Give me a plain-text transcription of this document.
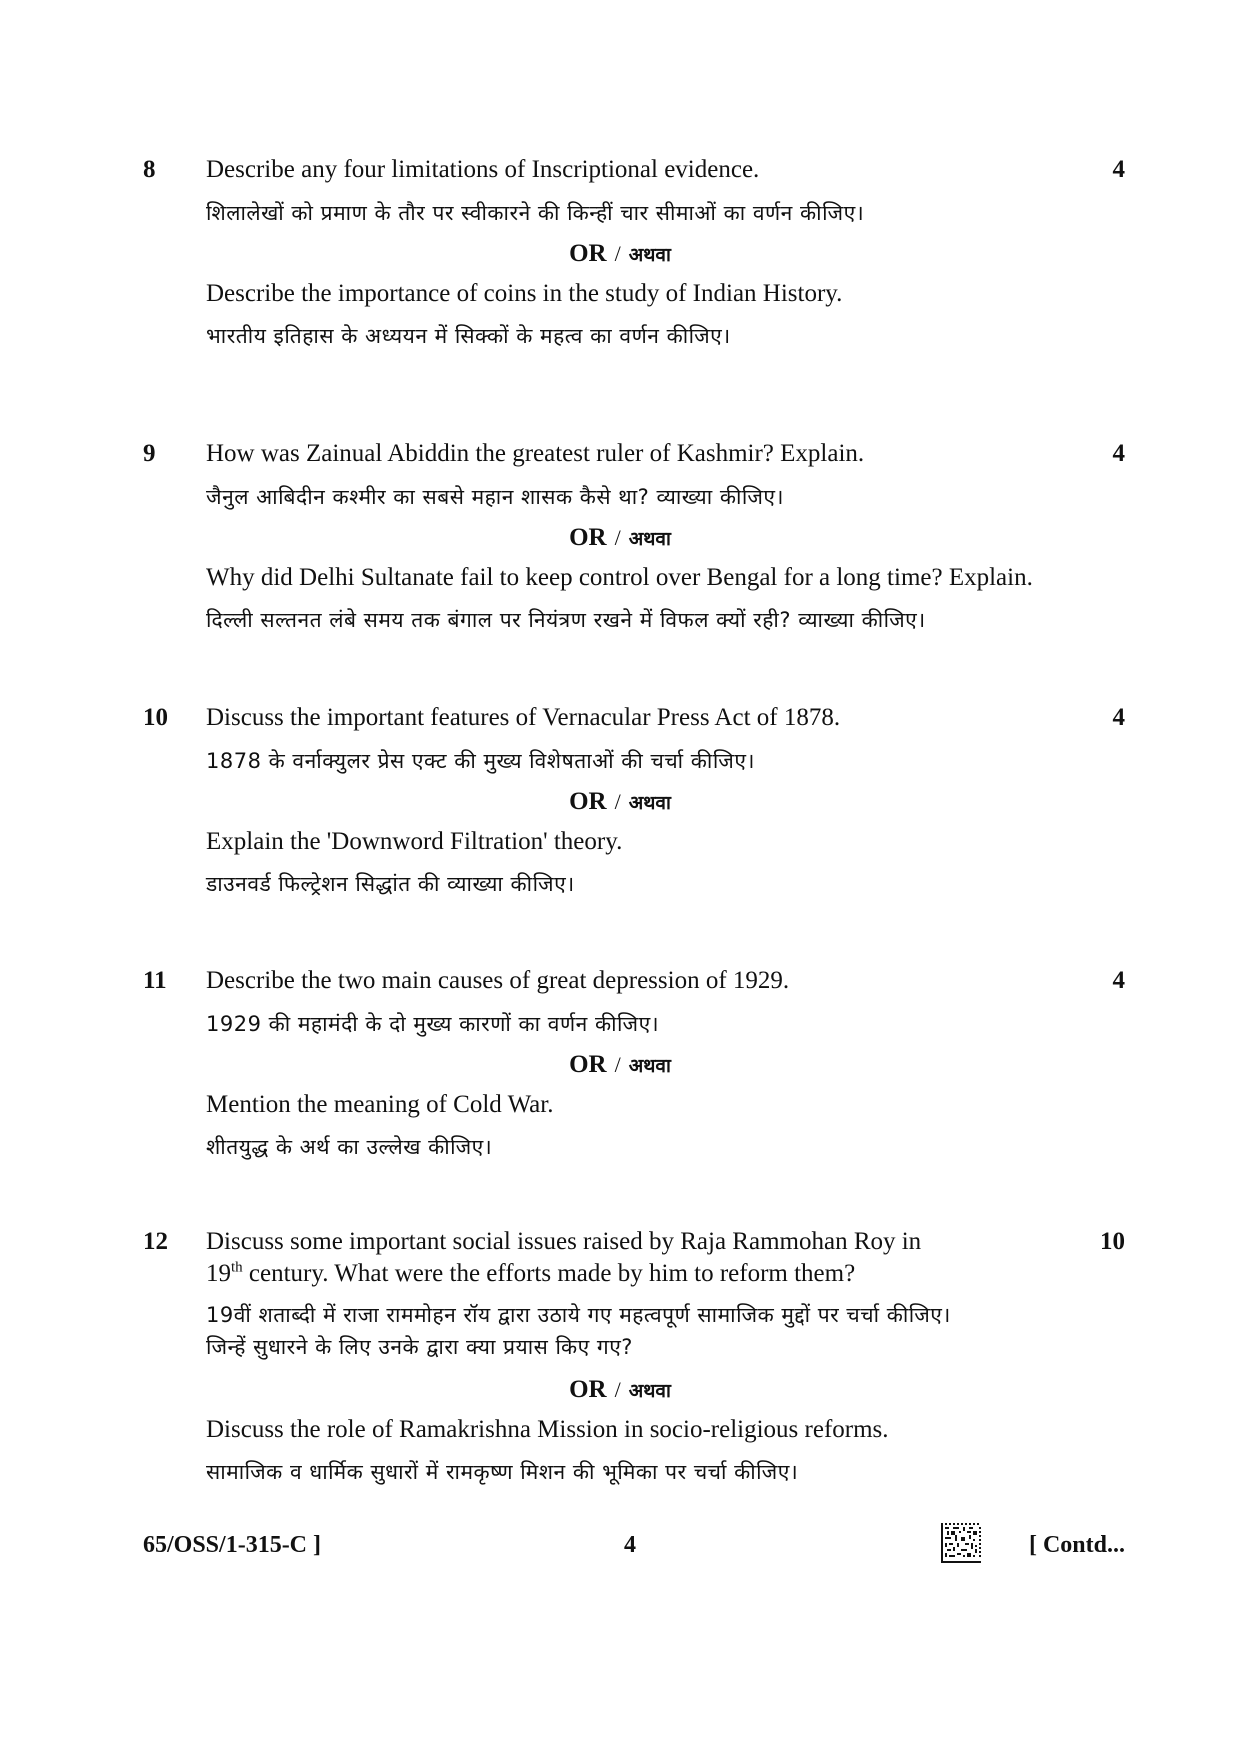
8	4
Describe any four limitations of Inscriptional evidence.
शिलालेखों को प्रमाण के तौर पर स्वीकारने की किन्हीं चार सीमाओं का वर्णन कीजिए।
OR / अथवा
Describe the importance of coins in the study of Indian History.
भारतीय इतिहास के अध्ययन में सिक्कों के महत्व का वर्णन कीजिए।
9	4
How was Zainual Abiddin the greatest ruler of Kashmir? Explain.
जैनुल आबिदीन कश्मीर का सबसे महान शासक कैसे था? व्याख्या कीजिए।
OR / अथवा
Why did Delhi Sultanate fail to keep control over Bengal for a long time? Explain.
दिल्ली सल्तनत लंबे समय तक बंगाल पर नियंत्रण रखने में विफल क्यों रही? व्याख्या कीजिए।
10	4
Discuss the important features of Vernacular Press Act of 1878.
1878 के वर्नाक्युलर प्रेस एक्ट की मुख्य विशेषताओं की चर्चा कीजिए।
OR / अथवा
Explain the 'Downword Filtration' theory.
डाउनवर्ड फिल्ट्रेशन सिद्धांत की व्याख्या कीजिए।
11	4
Describe the two main causes of great depression of 1929.
1929 की महामंदी के दो मुख्य कारणों का वर्णन कीजिए।
OR / अथवा
Mention the meaning of Cold War.
शीतयुद्ध के अर्थ का उल्लेख कीजिए।
12	10
Discuss some important social issues raised by Raja Rammohan Roy in
19th century. What were the efforts made by him to reform them?
19वीं शताब्दी में राजा राममोहन रॉय द्वारा उठाये गए महत्वपूर्ण सामाजिक मुद्दों पर चर्चा कीजिए।
जिन्हें सुधारने के लिए उनके द्वारा क्या प्रयास किए गए?
OR / अथवा
Discuss the role of Ramakrishna Mission in socio-religious reforms.
सामाजिक व धार्मिक सुधारों में रामकृष्ण मिशन की भूमिका पर चर्चा कीजिए।
65/OSS/1-315-C ]	4	[ Contd...
